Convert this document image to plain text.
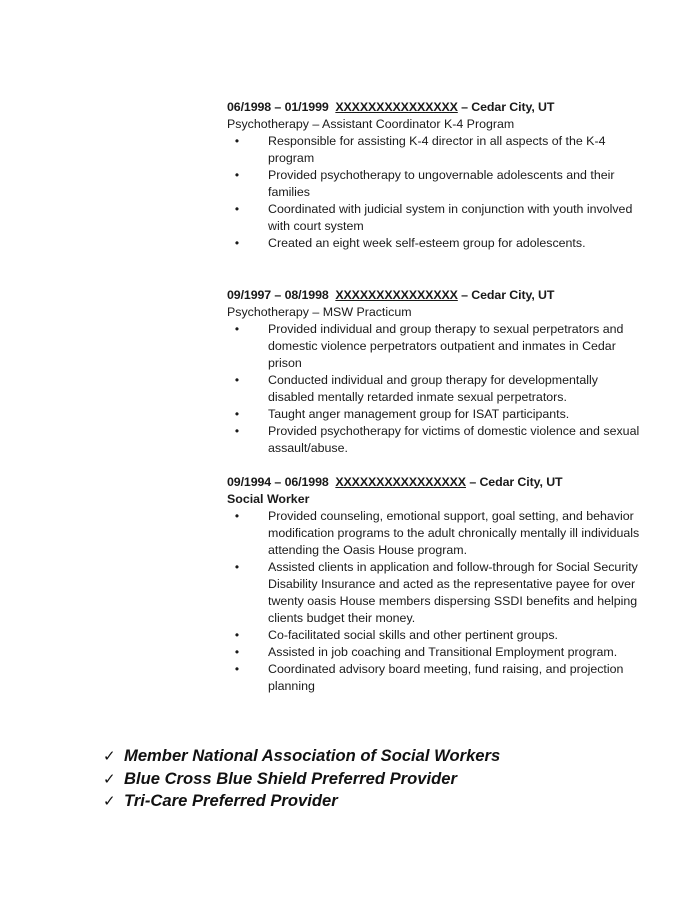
06/1998 – 01/1999 XXXXXXXXXXXXXXX – Cedar City, UT
Psychotherapy – Assistant Coordinator K-4 Program
• Responsible for assisting K-4 director in all aspects of the K-4 program
• Provided psychotherapy to ungovernable adolescents and their families
• Coordinated with judicial system in conjunction with youth involved with court system
• Created an eight week self-esteem group for adolescents.
09/1997 – 08/1998 XXXXXXXXXXXXXXX – Cedar City, UT
Psychotherapy – MSW Practicum
• Provided individual and group therapy to sexual perpetrators and domestic violence perpetrators outpatient and inmates in Cedar prison
• Conducted individual and group therapy for developmentally disabled mentally retarded inmate sexual perpetrators.
• Taught anger management group for ISAT participants.
• Provided psychotherapy for victims of domestic violence and sexual assault/abuse.
09/1994 – 06/1998 XXXXXXXXXXXXXXXX – Cedar City, UT
Social Worker
• Provided counseling, emotional support, goal setting, and behavior modification programs to the adult chronically mentally ill individuals attending the Oasis House program.
• Assisted clients in application and follow-through for Social Security Disability Insurance and acted as the representative payee for over twenty oasis House members dispersing SSDI benefits and helping clients budget their money.
• Co-facilitated social skills and other pertinent groups.
• Assisted in job coaching and Transitional Employment program.
• Coordinated advisory board meeting, fund raising, and projection planning
✓ Member National Association of Social Workers
✓ Blue Cross Blue Shield Preferred Provider
✓ Tri-Care Preferred Provider
